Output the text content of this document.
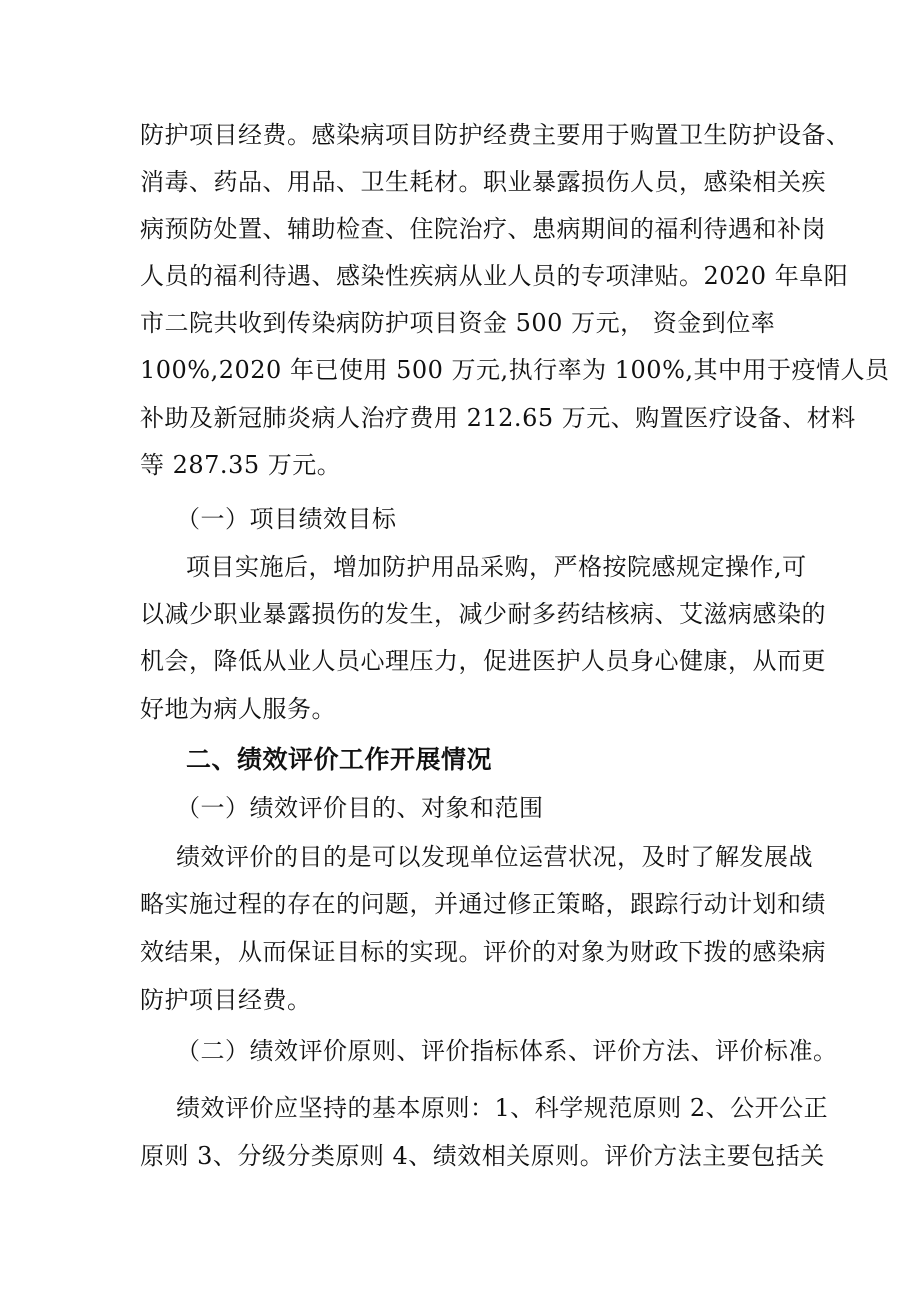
防护项目经费。感染病项目防护经费主要用于购置卫生防护设备、
消毒、药品、用品、卫生耗材。职业暴露损伤人员，感染相关疾
病预防处置、辅助检查、住院治疗、患病期间的福利待遇和补岗
人员的福利待遇、感染性疾病从业人员的专项津贴。2020 年阜阳
市二院共收到传染病防护项目资金 500 万元， 资金到位率
100%,2020 年已使用 500 万元,执行率为 100%,其中用于疫情人员
补助及新冠肺炎病人治疗费用 212.65 万元、购置医疗设备、材料
等 287.35 万元。
（一）项目绩效目标
项目实施后，增加防护用品采购，严格按院感规定操作,可
以减少职业暴露损伤的发生，减少耐多药结核病、艾滋病感染的
机会，降低从业人员心理压力，促进医护人员身心健康，从而更
好地为病人服务。
二、绩效评价工作开展情况
（一）绩效评价目的、对象和范围
绩效评价的目的是可以发现单位运营状况，及时了解发展战
略实施过程的存在的问题，并通过修正策略，跟踪行动计划和绩
效结果，从而保证目标的实现。评价的对象为财政下拨的感染病
防护项目经费。
（二）绩效评价原则、评价指标体系、评价方法、评价标准。
绩效评价应坚持的基本原则：1、科学规范原则 2、公开公正
原则 3、分级分类原则 4、绩效相关原则。评价方法主要包括关
